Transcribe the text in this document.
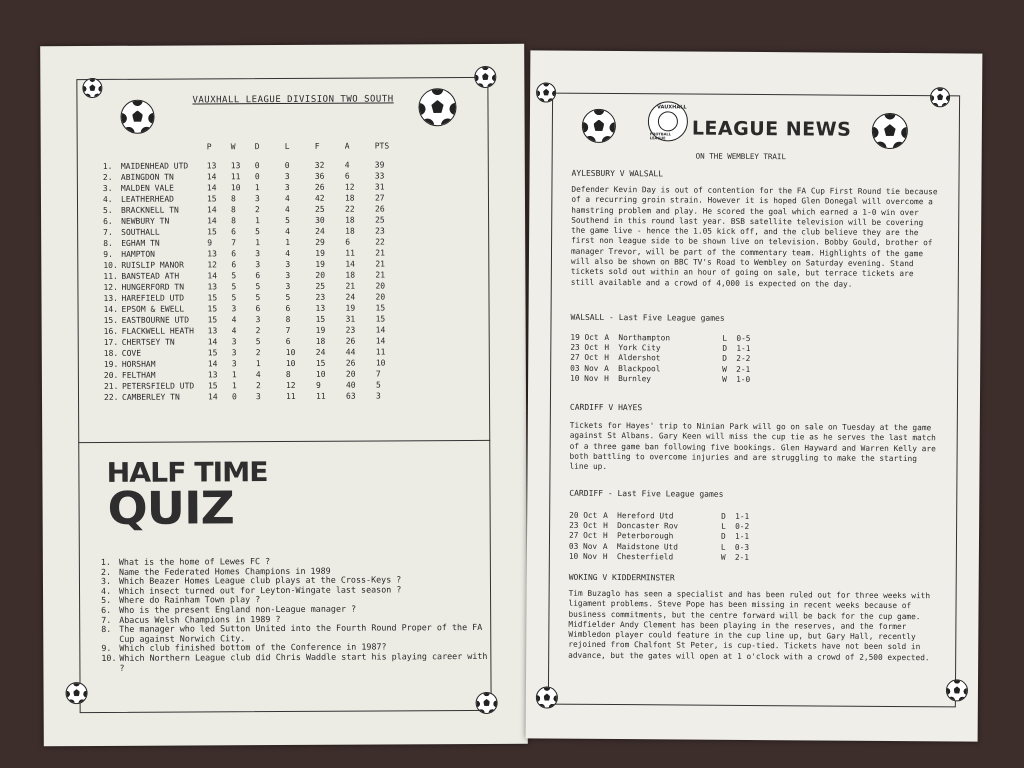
VAUXHALL LEAGUE DIVISION TWO SOUTH
		P	W	D	L	F	A	PTS
1.	MAIDENHEAD UTD	13	13	0	0	32	4	39
2.	ABINGDON TN	14	11	0	3	36	6	33
3.	MALDEN VALE	14	10	1	3	26	12	31
4.	LEATHERHEAD	15	8	3	4	42	18	27
5.	BRACKNELL TN	14	8	2	4	25	22	26
6.	NEWBURY TN	14	8	1	5	30	18	25
7.	SOUTHALL	15	6	5	4	24	18	23
8.	EGHAM TN	9	7	1	1	29	6	22
9.	HAMPTON	13	6	3	4	19	11	21
10.	RUISLIP MANOR	12	6	3	3	19	14	21
11.	BANSTEAD ATH	14	5	6	3	20	18	21
12.	HUNGERFORD TN	13	5	5	3	25	21	20
13.	HAREFIELD UTD	15	5	5	5	23	24	20
14.	EPSOM & EWELL	15	3	6	6	13	19	15
15.	EASTBOURNE UTD	15	4	3	8	15	31	15
16.	FLACKWELL HEATH	13	4	2	7	19	23	14
17.	CHERTSEY TN	14	3	5	6	18	26	14
18.	COVE	15	3	2	10	24	44	11
19.	HORSHAM	14	3	1	10	15	26	10
20.	FELTHAM	13	1	4	8	10	20	7
21.	PETERSFIELD UTD	15	1	2	12	9	40	5
22.	CAMBERLEY TN	14	0	3	11	11	63	3
HALF TIME
QUIZ
1. What is the home of Lewes FC ?
2. Name the Federated Homes Champions in 1989
3. Which Beazer Homes League club plays at the Cross-Keys ?
4. Which insect turned out for Leyton-Wingate last season ?
5. Where do Rainham Town play ?
6. Who is the present England non-League manager ?
7. Abacus Welsh Champions in 1989 ?
8. The manager who led Sutton United into the Fourth Round Proper of the FA Cup against Norwich City.
9. Which club finished bottom of the Conference in 1987?
10. Which Northern League club did Chris Waddle start his playing career with ?
VAUXHALL
FOOTBALL LEAGUE	LEAGUE NEWS
ON THE WEMBLEY TRAIL
AYLESBURY V WALSALL
Defender Kevin Day is out of contention for the FA Cup First Round tie because of a recurring groin strain. However it is hoped Glen Donegal will overcome a hamstring problem and play. He scored the goal which earned a 1-0 win over Southend in this round last year. BSB satellite television will be covering the game live - hence the 1.05 kick off, and the club believe they are the first non league side to be shown live on television. Bobby Gould, brother of manager Trevor, will be part of the commentary team. Highlights of the game will also be shown on BBC TV's Road to Wembley on Saturday evening. Stand tickets sold out within an hour of going on sale, but terrace tickets are still available and a crowd of 4,000 is expected on the day.
WALSALL - Last Five League games
19 Oct	A	Northampton	L	0-5
23 Oct	H	York City	D	1-1
27 Oct	H	Aldershot	D	2-2
03 Nov	A	Blackpool	W	2-1
10 Nov	H	Burnley	W	1-0
CARDIFF V HAYES
Tickets for Hayes' trip to Ninian Park will go on sale on Tuesday at the game against St Albans. Gary Keen will miss the cup tie as he serves the last match of a three game ban following five bookings. Glen Hayward and Warren Kelly are both battling to overcome injuries and are struggling to make the starting line up.
CARDIFF - Last Five League games
20 Oct	A	Hereford Utd	D	1-1
23 Oct	H	Doncaster Rov	L	0-2
27 Oct	H	Peterborough	D	1-1
03 Nov	A	Maidstone Utd	L	0-3
10 Nov	H	Chesterfield	W	2-1
WOKING V KIDDERMINSTER
Tim Buzaglo has seen a specialist and has been ruled out for three weeks with ligament problems. Steve Pope has been missing in recent weeks because of business commitments, but the centre forward will be back for the cup game. Midfielder Andy Clement has been playing in the reserves, and the former Wimbledon player could feature in the cup line up, but Gary Hall, recently rejoined from Chalfont St Peter, is cup-tied. Tickets have not been sold in advance, but the gates will open at 1 o'clock with a crowd of 2,500 expected.
